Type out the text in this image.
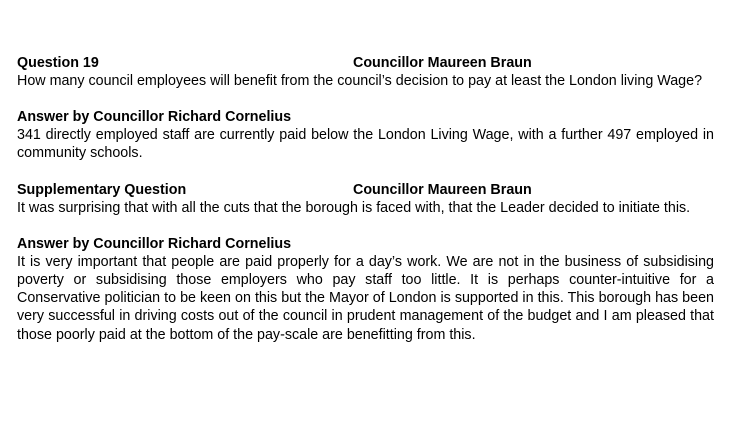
Question 19	Councillor Maureen Braun

How many council employees will benefit from the council’s decision to pay at least the London living Wage?

Answer by Councillor Richard Cornelius

341 directly employed staff are currently paid below the London Living Wage, with a further 497 employed in community schools.

Supplementary Question	Councillor Maureen Braun

It was surprising that with all the cuts that the borough is faced with, that the Leader decided to initiate this.

Answer by Councillor Richard Cornelius

It is very important that people are paid properly for a day’s work. We are not in the business of subsidising poverty or subsidising those employers who pay staff too little. It is perhaps counter-intuitive for a Conservative politician to be keen on this but the Mayor of London is supported in this. This borough has been very successful in driving costs out of the council in prudent management of the budget and I am pleased that those poorly paid at the bottom of the pay-scale are benefitting from this.
